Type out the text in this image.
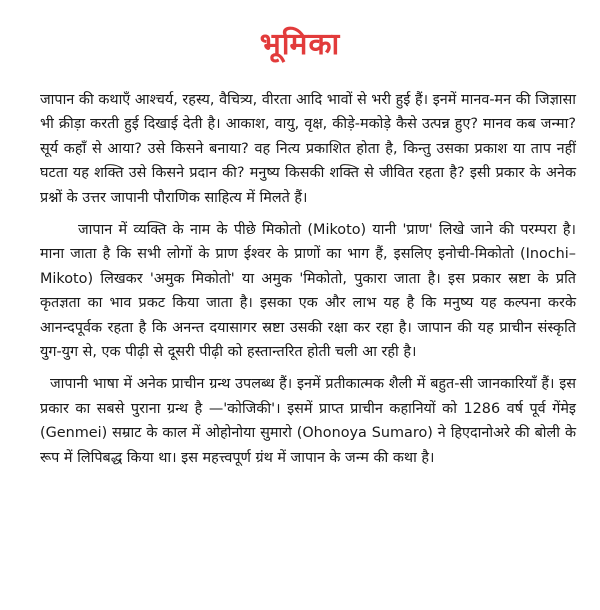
भूमिका

जापान की कथाएँ आश्चर्य, रहस्य, वैचित्र्य, वीरता आदि भावों से भरी हुई हैं। इनमें मानव-मन की जिज्ञासा भी क्रीड़ा करती हुई दिखाई देती है। आकाश, वायु, वृक्ष, कीड़े-मकोड़े कैसे उत्पन्न हुए? मानव कब जन्मा? सूर्य कहाँ से आया? उसे किसने बनाया? वह नित्य प्रकाशित होता है, किन्तु उसका प्रकाश या ताप नहीं घटता यह शक्ति उसे किसने प्रदान की? मनुष्य किसकी शक्ति से जीवित रहता है? इसी प्रकार के अनेक प्रश्नों के उत्तर जापानी पौराणिक साहित्य में मिलते हैं।

जापान में व्यक्ति के नाम के पीछे मिकोतो (Mikoto) यानी 'प्राण' लिखे जाने की परम्परा है। माना जाता है कि सभी लोगों के प्राण ईश्वर के प्राणों का भाग हैं, इसलिए इनोची-मिकोतो (Inochi–Mikoto) लिखकर 'अमुक मिकोतो' या अमुक 'मिकोतो, पुकारा जाता है। इस प्रकार स्रष्टा के प्रति कृतज्ञता का भाव प्रकट किया जाता है। इसका एक और लाभ यह है कि मनुष्य यह कल्पना करके आनन्दपूर्वक रहता है कि अनन्त दयासागर स्रष्टा उसकी रक्षा कर रहा है। जापान की यह प्राचीन संस्कृति युग-युग से, एक पीढ़ी से दूसरी पीढ़ी को हस्तान्तरित होती चली आ रही है।

जापानी भाषा में अनेक प्राचीन ग्रन्थ उपलब्ध हैं। इनमें प्रतीकात्मक शैली में बहुत-सी जानकारियाँ हैं। इस प्रकार का सबसे पुराना ग्रन्थ है —'कोजिकी'। इसमें प्राप्त प्राचीन कहानियों को 1286 वर्ष पूर्व गेंमेइ (Genmei) सम्राट के काल में ओहोनोया सुमारो (Ohonoya Sumaro) ने हिएदानोअरे की बोली के रूप में लिपिबद्ध किया था। इस महत्त्वपूर्ण ग्रंथ में जापान के जन्म की कथा है।
